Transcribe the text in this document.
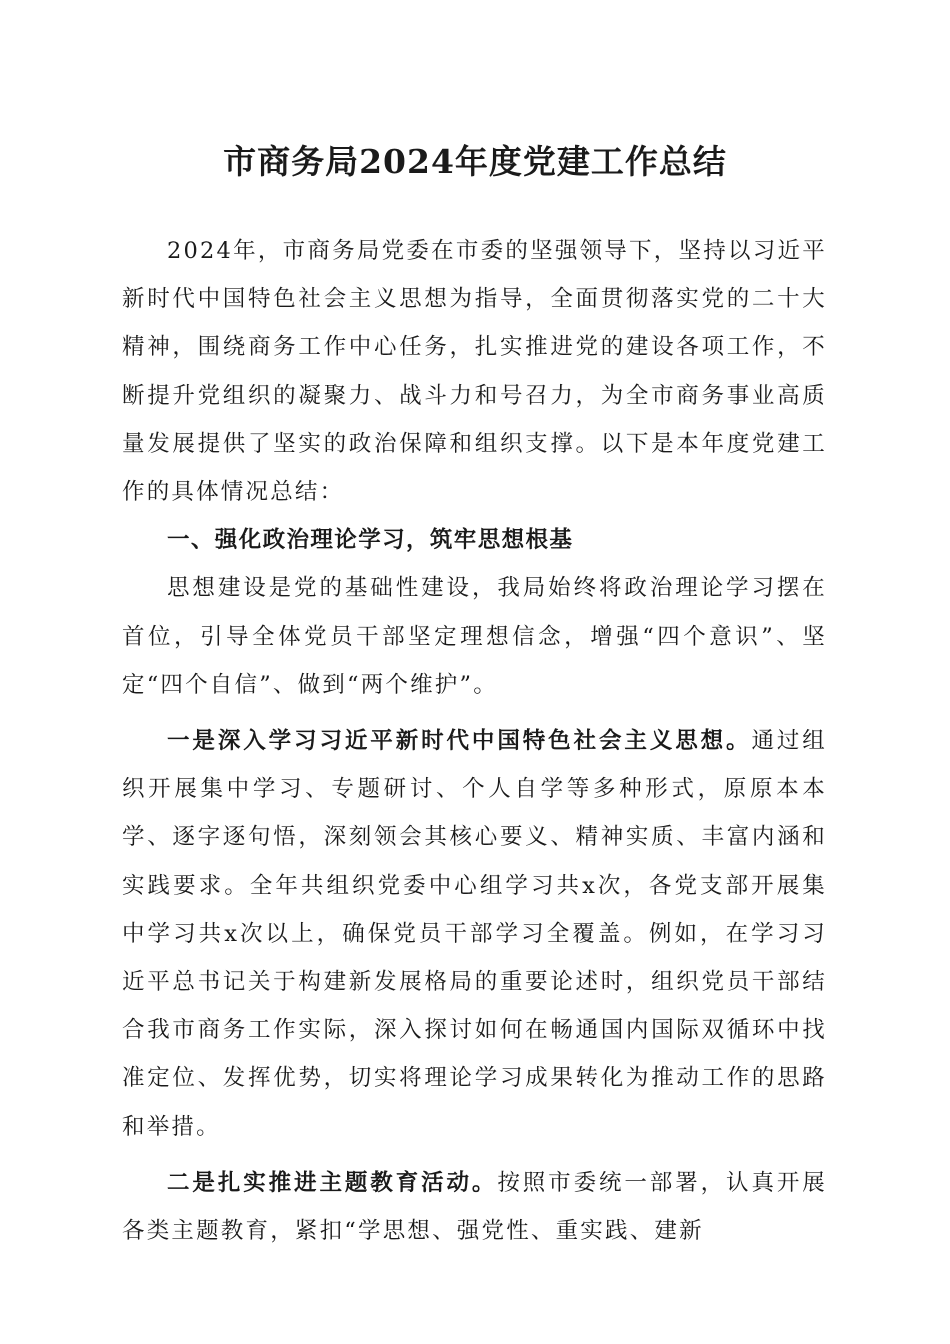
市商务局2024年度党建工作总结

2024年，市商务局党委在市委的坚强领导下，坚持以习近平新时代中国特色社会主义思想为指导，全面贯彻落实党的二十大精神，围绕商务工作中心任务，扎实推进党的建设各项工作，不断提升党组织的凝聚力、战斗力和号召力，为全市商务事业高质量发展提供了坚实的政治保障和组织支撑。以下是本年度党建工作的具体情况总结：

一、强化政治理论学习，筑牢思想根基

思想建设是党的基础性建设，我局始终将政治理论学习摆在首位，引导全体党员干部坚定理想信念，增强“四个意识”、坚定“四个自信”、做到“两个维护”。

一是深入学习习近平新时代中国特色社会主义思想。通过组织开展集中学习、专题研讨、个人自学等多种形式，原原本本学、逐字逐句悟，深刻领会其核心要义、精神实质、丰富内涵和实践要求。全年共组织党委中心组学习共x次，各党支部开展集中学习共x次以上，确保党员干部学习全覆盖。例如，在学习习近平总书记关于构建新发展格局的重要论述时，组织党员干部结合我市商务工作实际，深入探讨如何在畅通国内国际双循环中找准定位、发挥优势，切实将理论学习成果转化为推动工作的思路和举措。

二是扎实推进主题教育活动。按照市委统一部署，认真开展各类主题教育，紧扣“学思想、强党性、重实践、建新
